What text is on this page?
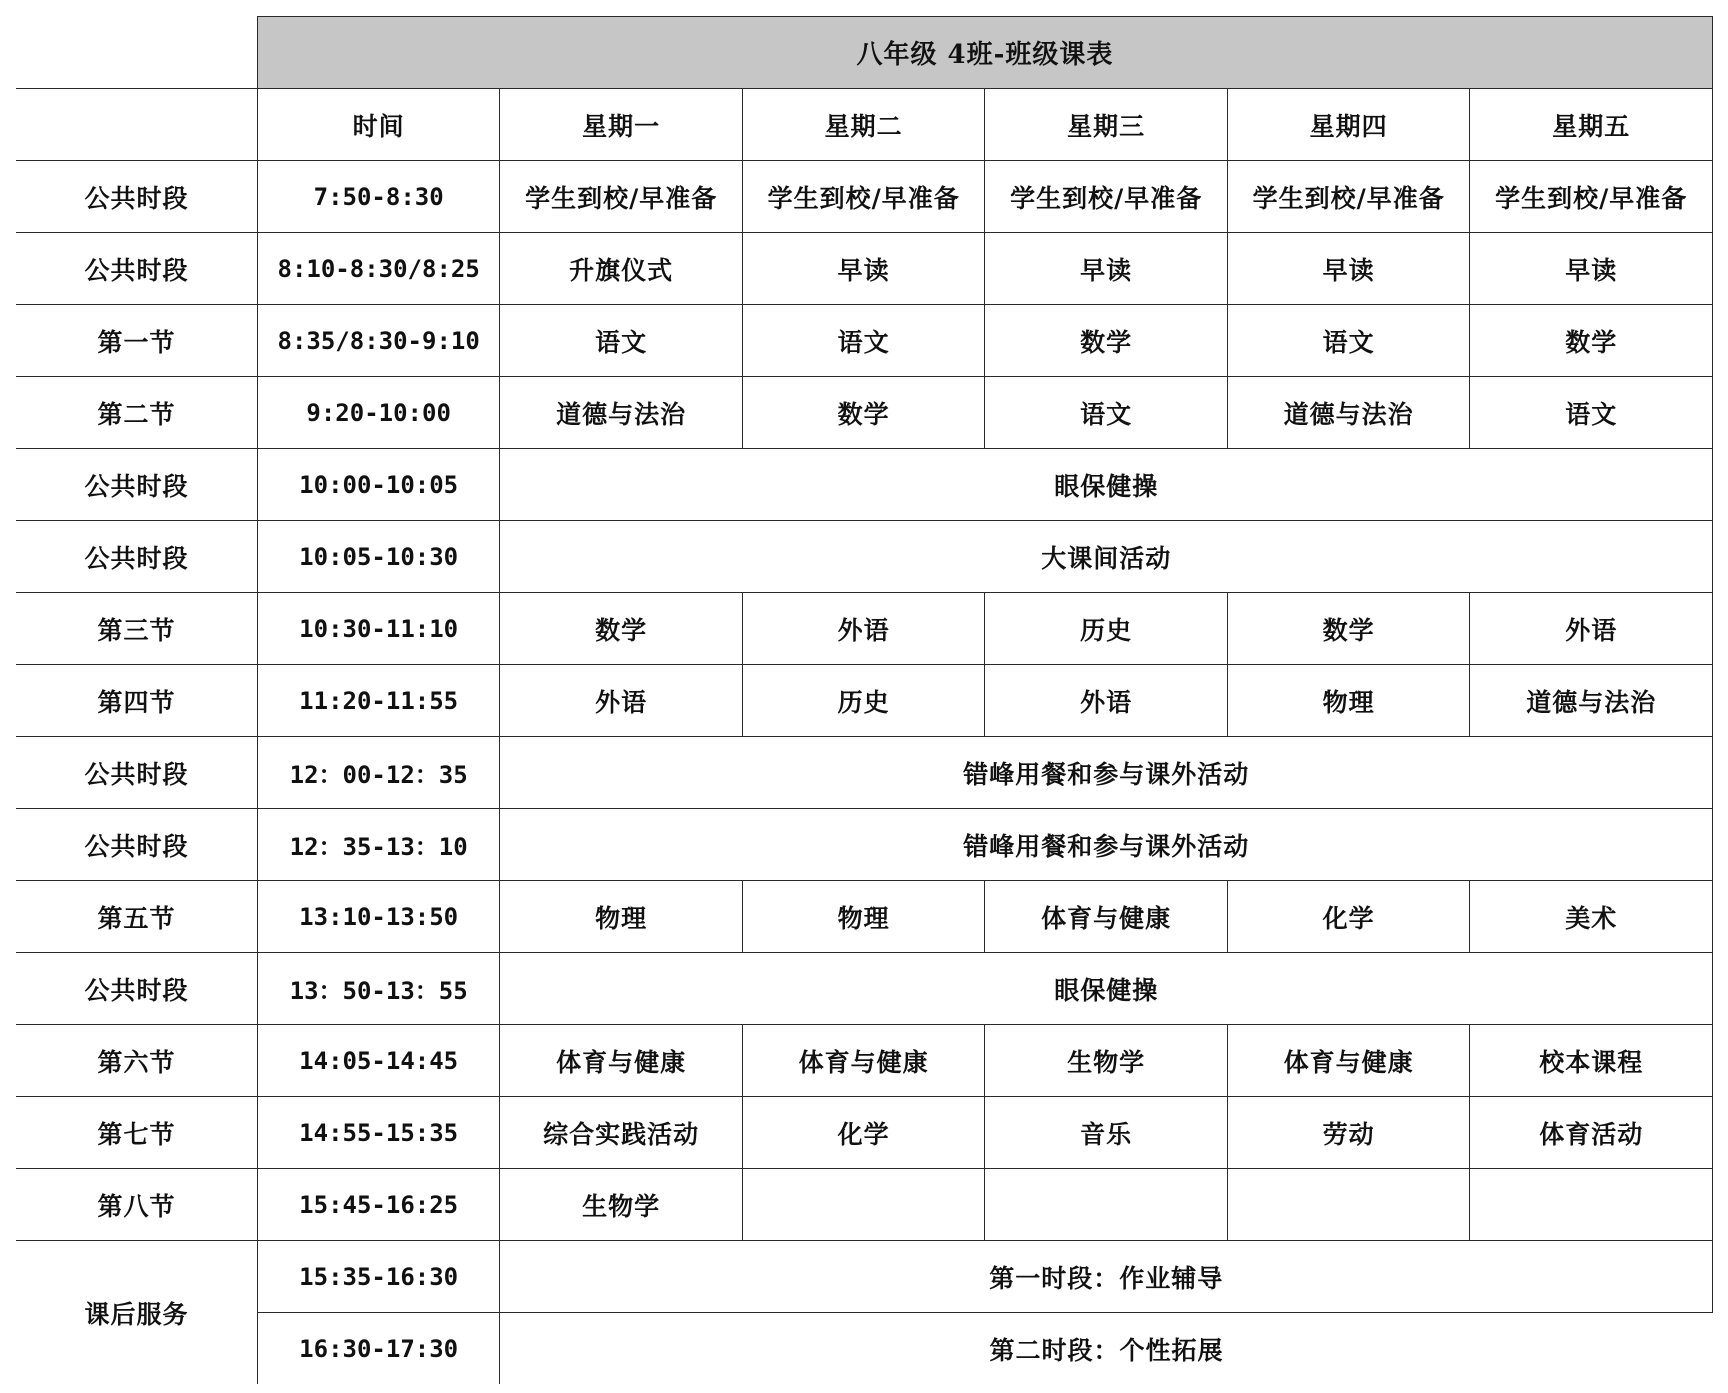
	八年级 4班-班级课表					
	时间	星期一	星期二	星期三	星期四	星期五
公共时段	7:50-8:30	学生到校/早准备	学生到校/早准备	学生到校/早准备	学生到校/早准备	学生到校/早准备
公共时段	8:10-8:30/8:25	升旗仪式	早读	早读	早读	早读
第一节	8:35/8:30-9:10	语文	语文	数学	语文	数学
第二节	9:20-10:00	道德与法治	数学	语文	道德与法治	语文
公共时段	10:00-10:05	眼保健操				
公共时段	10:05-10:30	大课间活动				
第三节	10:30-11:10	数学	外语	历史	数学	外语
第四节	11:20-11:55	外语	历史	外语	物理	道德与法治
公共时段	12：00-12：35	错峰用餐和参与课外活动				
公共时段	12：35-13：10	错峰用餐和参与课外活动				
第五节	13:10-13:50	物理	物理	体育与健康	化学	美术
公共时段	13：50-13：55	眼保健操				
第六节	14:05-14:45	体育与健康	体育与健康	生物学	体育与健康	校本课程
第七节	14:55-15:35	综合实践活动	化学	音乐	劳动	体育活动
第八节	15:45-16:25	生物学				
课后服务	15:35-16:30	第一时段：作业辅导				
	16:30-17:30	第二时段：个性拓展				
